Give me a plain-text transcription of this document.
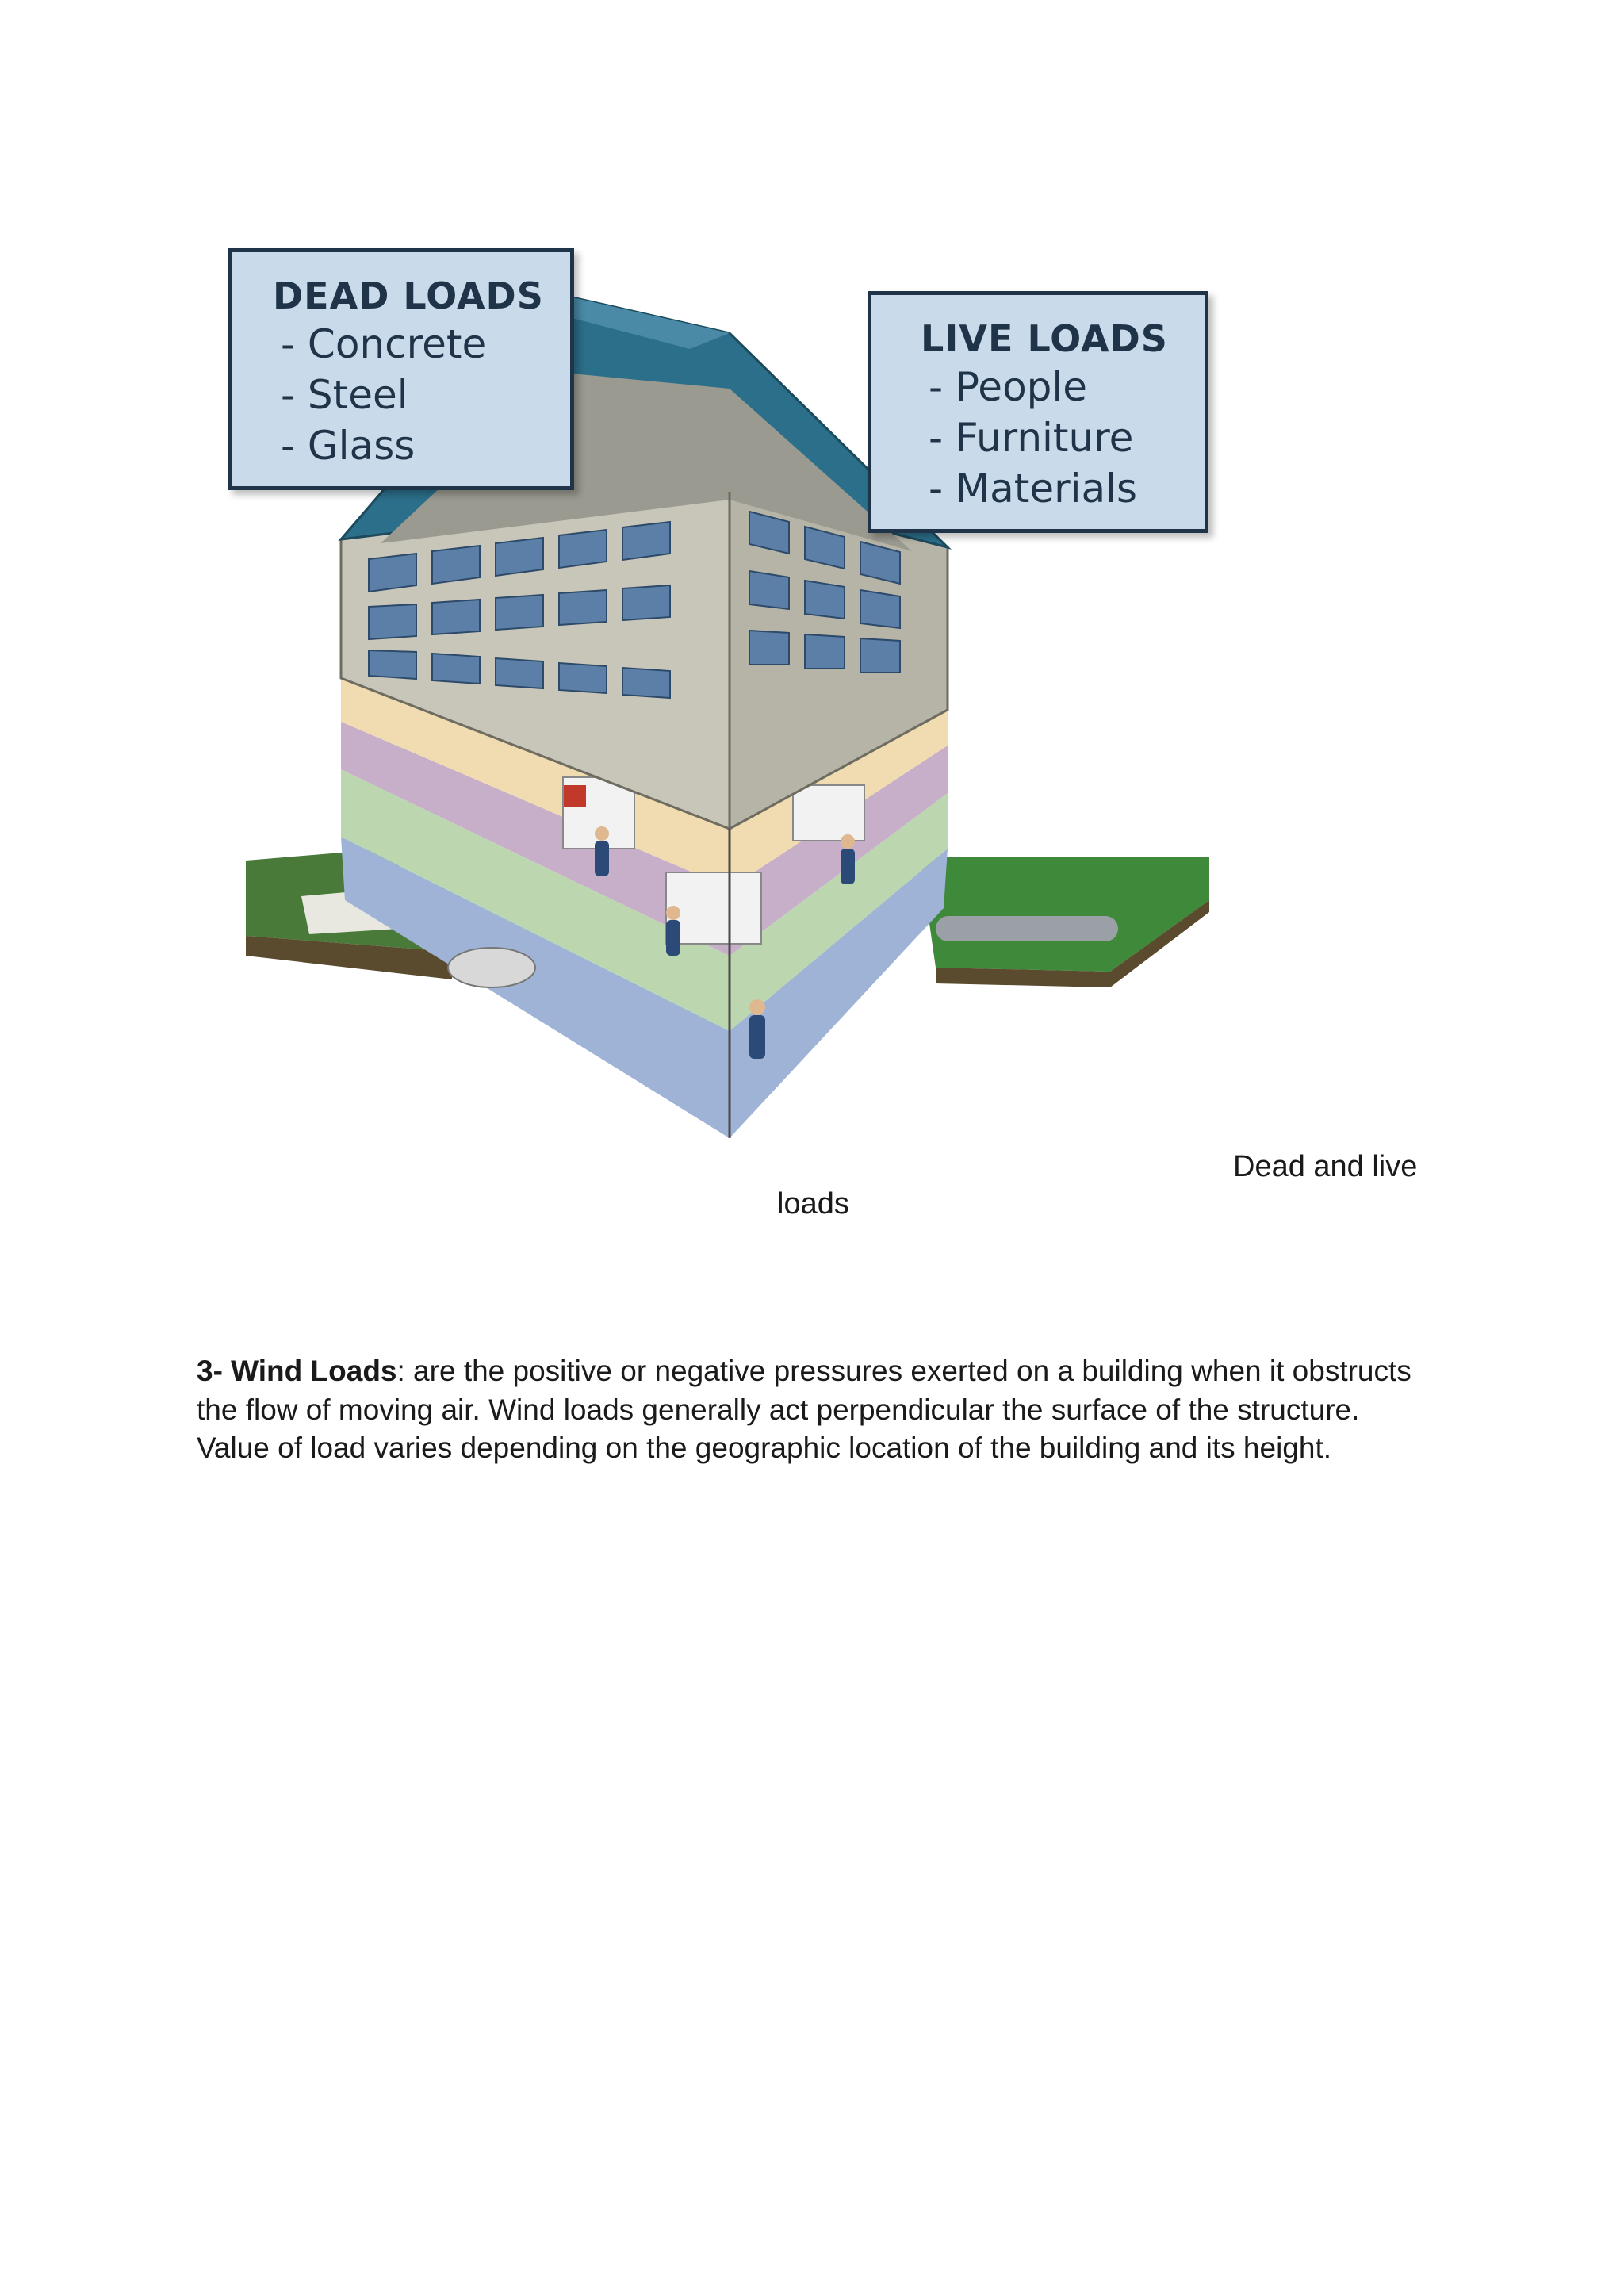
DEAD LOADS
- Concrete
- Steel
- Glass
LIVE LOADS
- People
- Furniture
- Materials
Dead and live
loads

3- Wind Loads: are the positive or negative pressures exerted on a building when it obstructs the flow of moving air. Wind loads generally act perpendicular the surface of the structure. Value of load varies depending on the geographic location of the building and its height.
